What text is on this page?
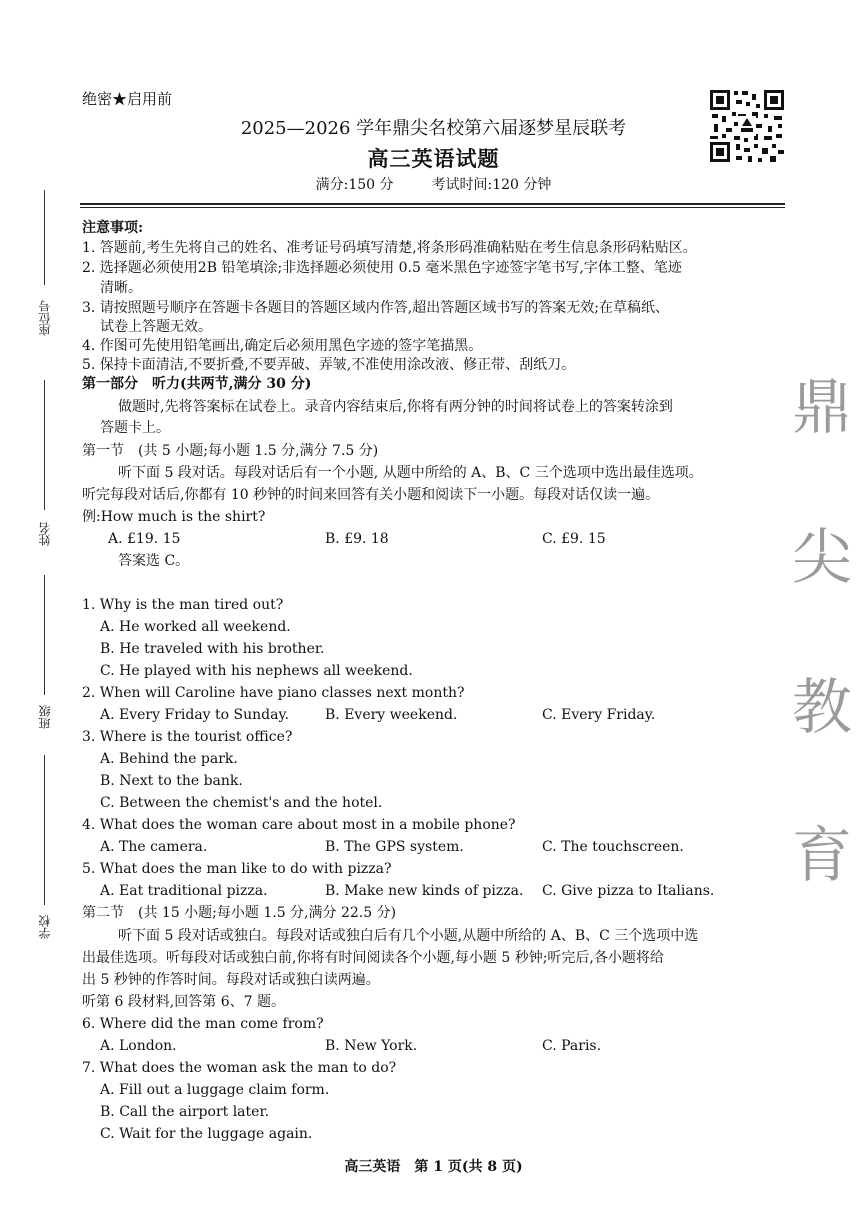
绝密★启用前
2025—2026 学年鼎尖名校第六届逐梦星辰联考
高三英语试题
满分:150 分	考试时间:120 分钟
座位号
姓名
班级
学校
鼎
尖
教
育
注意事项:
1. 答题前,考生先将自己的姓名、准考证号码填写清楚,将条形码准确粘贴在考生信息条形码粘贴区。
2. 选择题必须使用2B 铅笔填涂;非选择题必须使用 0.5 毫米黑色字迹签字笔书写,字体工整、笔迹
清晰。
3. 请按照题号顺序在答题卡各题目的答题区域内作答,超出答题区域书写的答案无效;在草稿纸、
试卷上答题无效。
4. 作图可先使用铅笔画出,确定后必须用黑色字迹的签字笔描黑。
5. 保持卡面清洁,不要折叠,不要弄破、弄皱,不准使用涂改液、修正带、刮纸刀。
第一部分　听力(共两节,满分 30 分)
做题时,先将答案标在试卷上。录音内容结束后,你将有两分钟的时间将试卷上的答案转涂到
答题卡上。
第一节　(共 5 小题;每小题 1.5 分,满分 7.5 分)
听下面 5 段对话。每段对话后有一个小题, 从题中所给的 A、B、C 三个选项中选出最佳选项。
听完每段对话后,你都有 10 秒钟的时间来回答有关小题和阅读下一小题。每段对话仅读一遍。
例:How much is the shirt?
A. £19. 15	B. £9. 18	C. £9. 15
答案选 C。
1. Why is the man tired out?
A. He worked all weekend.
B. He traveled with his brother.
C. He played with his nephews all weekend.
2. When will Caroline have piano classes next month?
A. Every Friday to Sunday.	B. Every weekend.	C. Every Friday.
3. Where is the tourist office?
A. Behind the park.
B. Next to the bank.
C. Between the chemist's and the hotel.
4. What does the woman care about most in a mobile phone?
A. The camera.	B. The GPS system.	C. The touchscreen.
5. What does the man like to do with pizza?
A. Eat traditional pizza.	B. Make new kinds of pizza. C. Give pizza to Italians.
第二节　(共 15 小题;每小题 1.5 分,满分 22.5 分)
听下面 5 段对话或独白。每段对话或独白后有几个小题,从题中所给的 A、B、C 三个选项中选
出最佳选项。听每段对话或独白前,你将有时间阅读各个小题,每小题 5 秒钟;听完后,各小题将给
出 5 秒钟的作答时间。每段对话或独白读两遍。
听第 6 段材料,回答第 6、7 题。
6. Where did the man come from?
A. London.	B. New York.	C. Paris.
7. What does the woman ask the man to do?
A. Fill out a luggage claim form.
B. Call the airport later.
C. Wait for the luggage again.
高三英语　第 1 页(共 8 页)
